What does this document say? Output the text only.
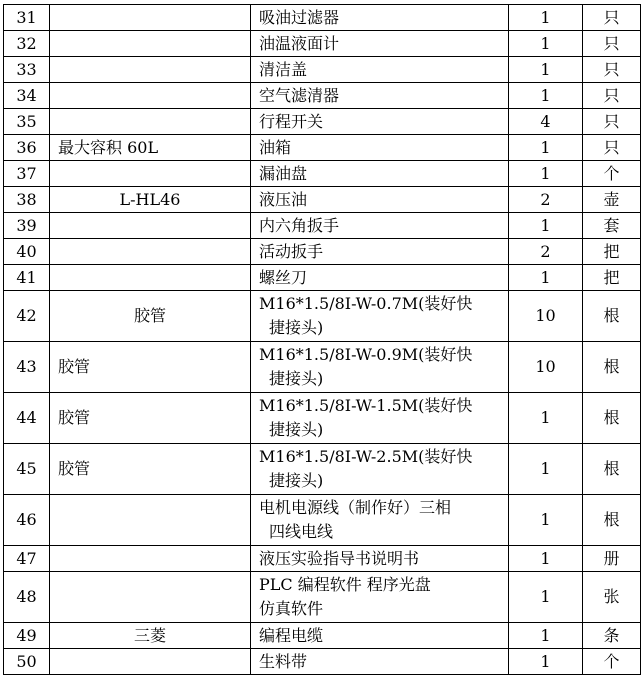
31		吸油过滤器	1	只
32		油温液面计	1	只
33		清洁盖	1	只
34		空气滤清器	1	只
35		行程开关	4	只
36	最大容积 60L	油箱	1	只
37		漏油盘	1	个
38	L-HL46	液压油	2	壶
39		内六角扳手	1	套
40		活动扳手	2	把
41		螺丝刀	1	把
42	胶管	M16*1.5/8I-W-0.7M(装好快
捷接头)	10	根
43	胶管	M16*1.5/8I-W-0.9M(装好快
捷接头)	10	根
44	胶管	M16*1.5/8I-W-1.5M(装好快
捷接头)	1	根
45	胶管	M16*1.5/8I-W-2.5M(装好快
捷接头)	1	根
46		电机电源线（制作好）三相
四线电线	1	根
47		液压实验指导书说明书	1	册
48		PLC 编程软件 程序光盘
仿真软件	1	张
49	三菱	编程电缆	1	条
50		生料带	1	个
